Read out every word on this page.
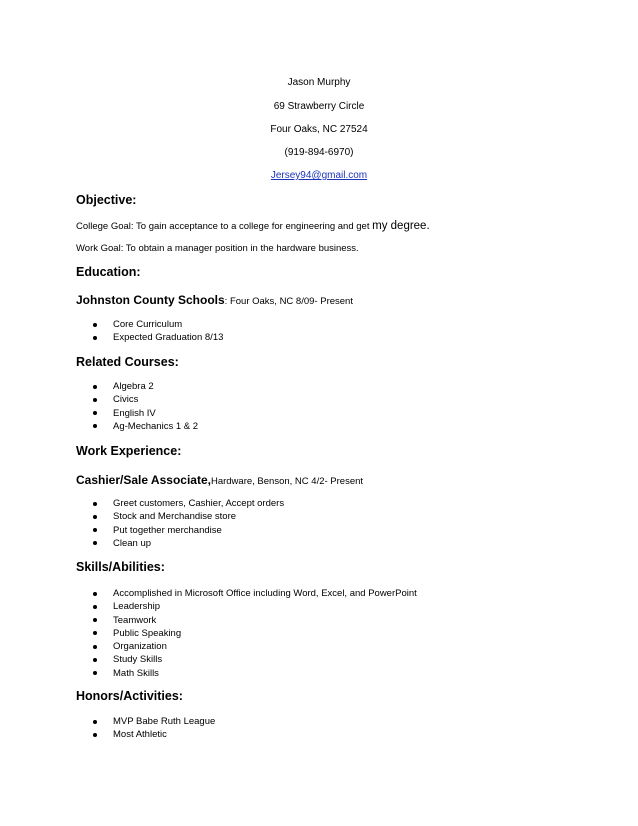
Jason Murphy
69 Strawberry Circle
Four Oaks, NC 27524
(919-894-6970)
Jersey94@gmail.com
Objective:
College Goal: To gain acceptance to a college for engineering and get my degree.
Work Goal: To obtain a manager position in the hardware business.
Education:
Johnston County Schools: Four Oaks, NC 8/09- Present
Core Curriculum
Expected Graduation 8/13
Related Courses:
Algebra 2
Civics
English IV
Ag-Mechanics 1 & 2
Work Experience:
Cashier/Sale Associate,Hardware, Benson, NC 4/2- Present
Greet customers, Cashier, Accept orders
Stock and Merchandise store
Put together merchandise
Clean up
Skills/Abilities:
Accomplished in Microsoft Office including Word, Excel, and PowerPoint
Leadership
Teamwork
Public Speaking
Organization
Study Skills
Math Skills
Honors/Activities:
MVP Babe Ruth League
Most Athletic
